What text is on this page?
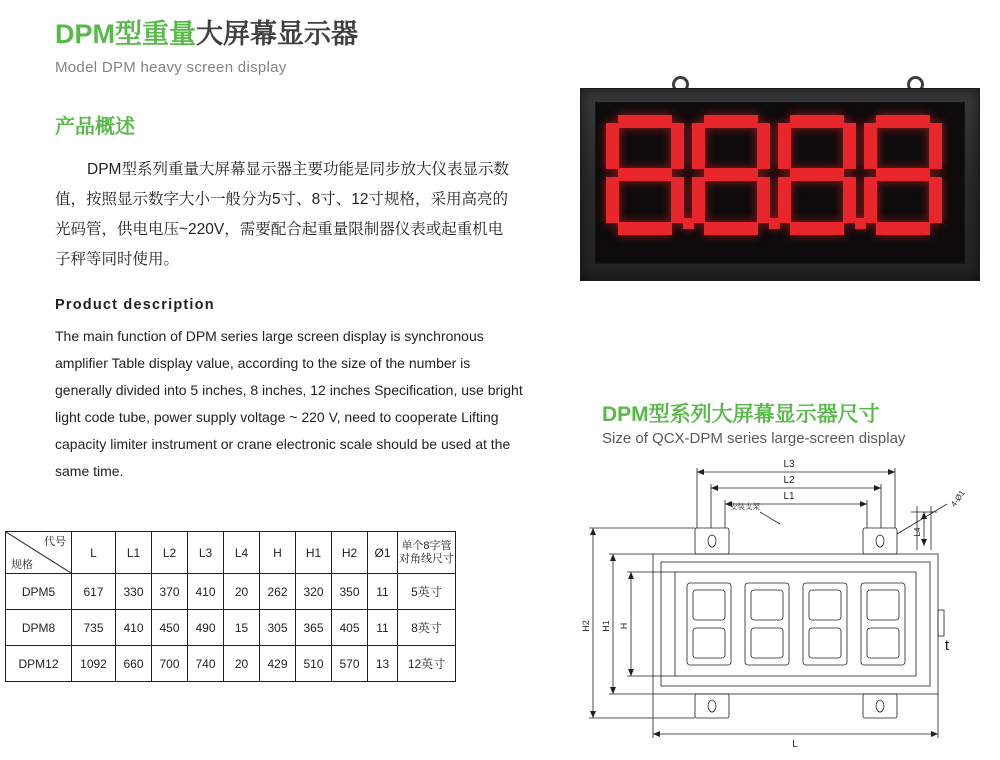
DPM型重量大屏幕显示器
Model DPM heavy screen display
产品概述
DPM型系列重量大屏幕显示器主要功能是同步放大仪表显示数值，按照显示数字大小一般分为5寸、8寸、12寸规格，采用高亮的光码管，供电电压~220V，需要配合起重量限制器仪表或起重机电子秤等同时使用。
Product description
The main function of DPM series large screen display is synchronous amplifier Table display value, according to the size of the number is generally divided into 5 inches, 8 inches, 12 inches Specification, use bright light code tube, power supply voltage ~ 220 V, need to cooperate Lifting capacity limiter instrument or crane electronic scale should be used at the same time.
代号
规格
	L	L1	L2	L3	L4	H	H1	H2	Ø1	单个8字管
对角线尺寸

DPM5	617	330	370	410	20	262	320	350	11	5英寸
DPM8	735	410	450	490	15	305	365	405	11	8英寸
DPM12	1092	660	700	740	20	429	510	570	13	12英寸
DPM型系列大屏幕显示器尺寸
Size of QCX-DPM series large-screen display
L3
L2
L1
L
H2 H1 H
L4
4-Ø1
安装支架
t
